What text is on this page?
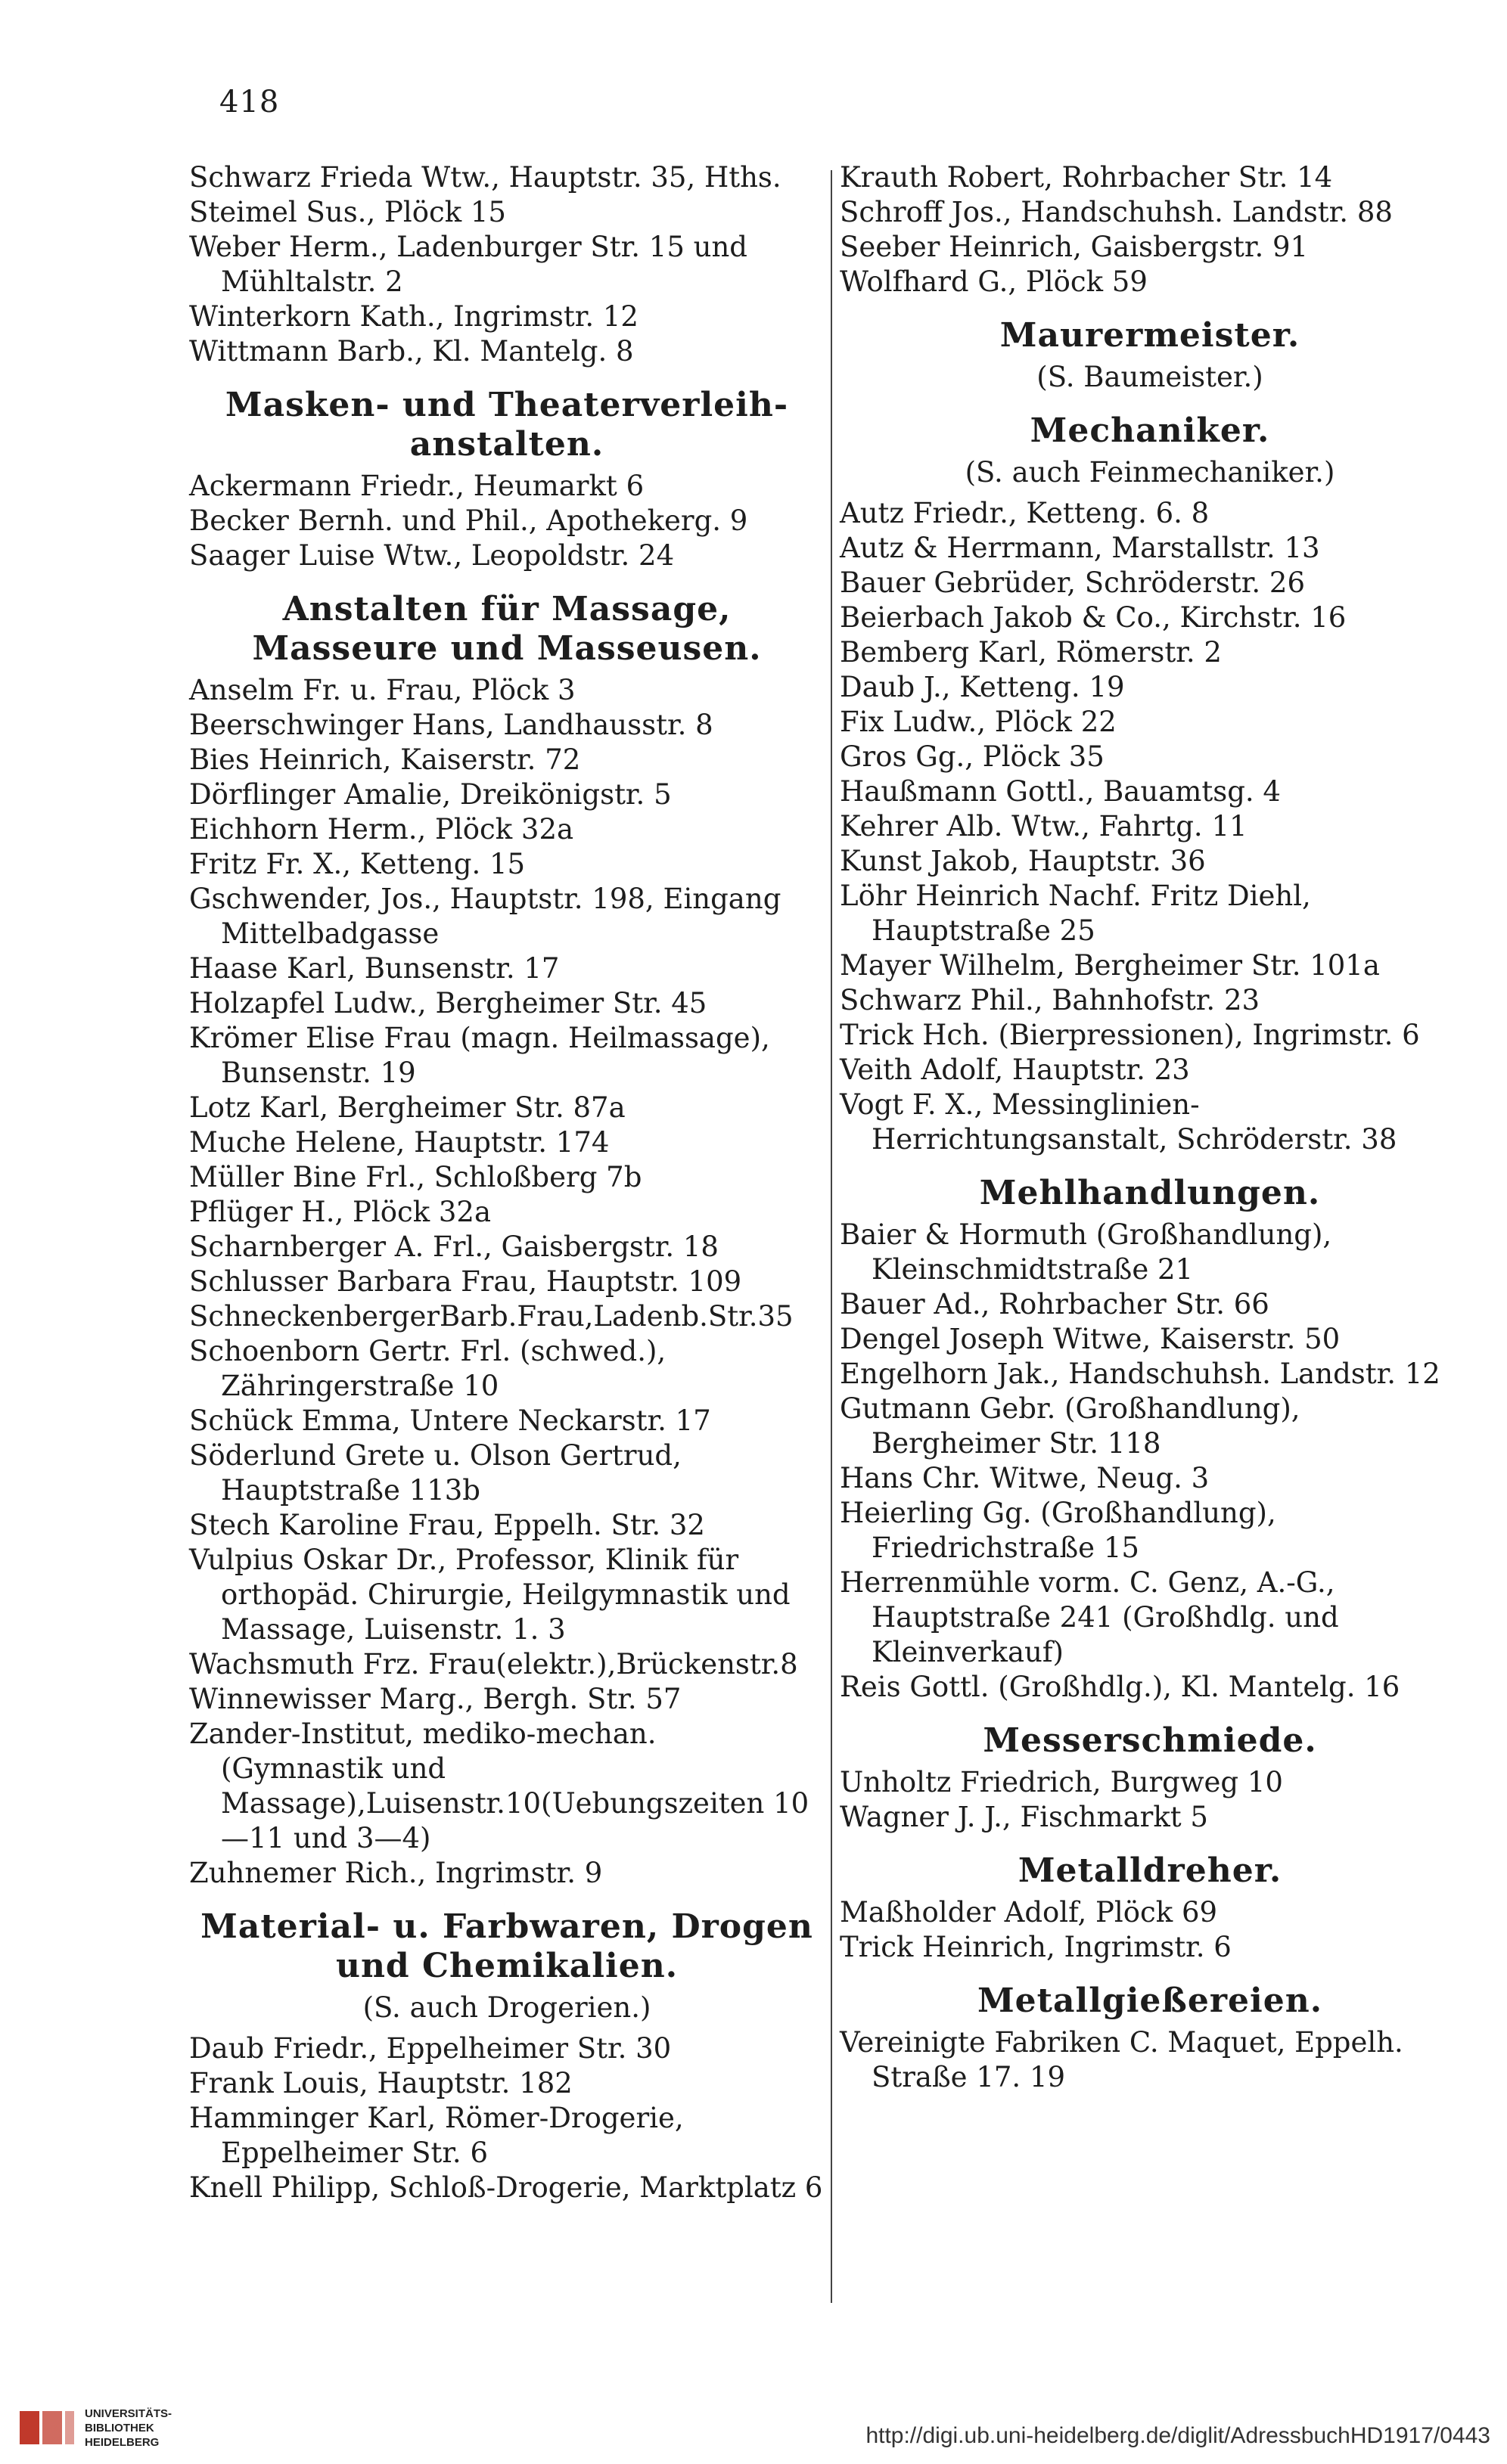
418
Schwarz Frieda Wtw., Hauptstr. 35, Hths.
Steimel Sus., Plöck 15
Weber Herm., Ladenburger Str. 15 und Mühltalstr. 2
Winterkorn Kath., Ingrimstr. 12
Wittmann Barb., Kl. Mantelg. 8
Masken- und Theaterverleih-anstalten.
Ackermann Friedr., Heumarkt 6
Becker Bernh. und Phil., Apothekerg. 9
Saager Luise Wtw., Leopoldstr. 24
Anstalten für Massage, Masseure und Masseusen.
Anselm Fr. u. Frau, Plöck 3
Beerschwinger Hans, Landhausstr. 8
Bies Heinrich, Kaiserstr. 72
Dörflinger Amalie, Dreikönigstr. 5
Eichhorn Herm., Plöck 32a
Fritz Fr. X., Ketteng. 15
Gschwender, Jos., Hauptstr. 198, Eingang Mittelbadgasse
Haase Karl, Bunsenstr. 17
Holzapfel Ludw., Bergheimer Str. 45
Krömer Elise Frau (magn. Heilmassage), Bunsenstr. 19
Lotz Karl, Bergheimer Str. 87a
Muche Helene, Hauptstr. 174
Müller Bine Frl., Schloßberg 7b
Pflüger H., Plöck 32a
Scharnberger A. Frl., Gaisbergstr. 18
Schlusser Barbara Frau, Hauptstr. 109
SchneckenbergerBarb.Frau,Ladenb.Str.35
Schoenborn Gertr. Frl. (schwed.), Zähringerstraße 10
Schück Emma, Untere Neckarstr. 17
Söderlund Grete u. Olson Gertrud, Hauptstraße 113b
Stech Karoline Frau, Eppelh. Str. 32
Vulpius Oskar Dr., Professor, Klinik für orthopäd. Chirurgie, Heilgymnastik und Massage, Luisenstr. 1. 3
Wachsmuth Frz. Frau(elektr.),Brückenstr.8
Winnewisser Marg., Bergh. Str. 57
Zander-Institut, mediko-mechan. (Gymnastik und Massage),Luisenstr.10(Uebungszeiten 10—11 und 3—4)
Zuhnemer Rich., Ingrimstr. 9
Material- u. Farbwaren, Drogen und Chemikalien.
(S. auch Drogerien.)
Daub Friedr., Eppelheimer Str. 30
Frank Louis, Hauptstr. 182
Hamminger Karl, Römer-Drogerie, Eppelheimer Str. 6
Knell Philipp, Schloß-Drogerie, Marktplatz 6
Krauth Robert, Rohrbacher Str. 14
Schroff Jos., Handschuhsh. Landstr. 88
Seeber Heinrich, Gaisbergstr. 91
Wolfhard G., Plöck 59
Maurermeister.
(S. Baumeister.)
Mechaniker.
(S. auch Feinmechaniker.)
Autz Friedr., Ketteng. 6. 8
Autz & Herrmann, Marstallstr. 13
Bauer Gebrüder, Schröderstr. 26
Beierbach Jakob & Co., Kirchstr. 16
Bemberg Karl, Römerstr. 2
Daub J., Ketteng. 19
Fix Ludw., Plöck 22
Gros Gg., Plöck 35
Haußmann Gottl., Bauamtsg. 4
Kehrer Alb. Wtw., Fahrtg. 11
Kunst Jakob, Hauptstr. 36
Löhr Heinrich Nachf. Fritz Diehl, Hauptstraße 25
Mayer Wilhelm, Bergheimer Str. 101a
Schwarz Phil., Bahnhofstr. 23
Trick Hch. (Bierpressionen), Ingrimstr. 6
Veith Adolf, Hauptstr. 23
Vogt F. X., Messinglinien-Herrichtungsanstalt, Schröderstr. 38
Mehlhandlungen.
Baier & Hormuth (Großhandlung), Kleinschmidtstraße 21
Bauer Ad., Rohrbacher Str. 66
Dengel Joseph Witwe, Kaiserstr. 50
Engelhorn Jak., Handschuhsh. Landstr. 12
Gutmann Gebr. (Großhandlung), Bergheimer Str. 118
Hans Chr. Witwe, Neug. 3
Heierling Gg. (Großhandlung), Friedrichstraße 15
Herrenmühle vorm. C. Genz, A.-G., Hauptstraße 241 (Großhdlg. und Kleinverkauf)
Reis Gottl. (Großhdlg.), Kl. Mantelg. 16
Messerschmiede.
Unholtz Friedrich, Burgweg 10
Wagner J. J., Fischmarkt 5
Metalldreher.
Maßholder Adolf, Plöck 69
Trick Heinrich, Ingrimstr. 6
Metallgießereien.
Vereinigte Fabriken C. Maquet, Eppelh. Straße 17. 19
UNIVERSITÄTS-
BIBLIOTHEK
HEIDELBERG	http://digi.ub.uni-heidelberg.de/diglit/AdressbuchHD1917/0443
